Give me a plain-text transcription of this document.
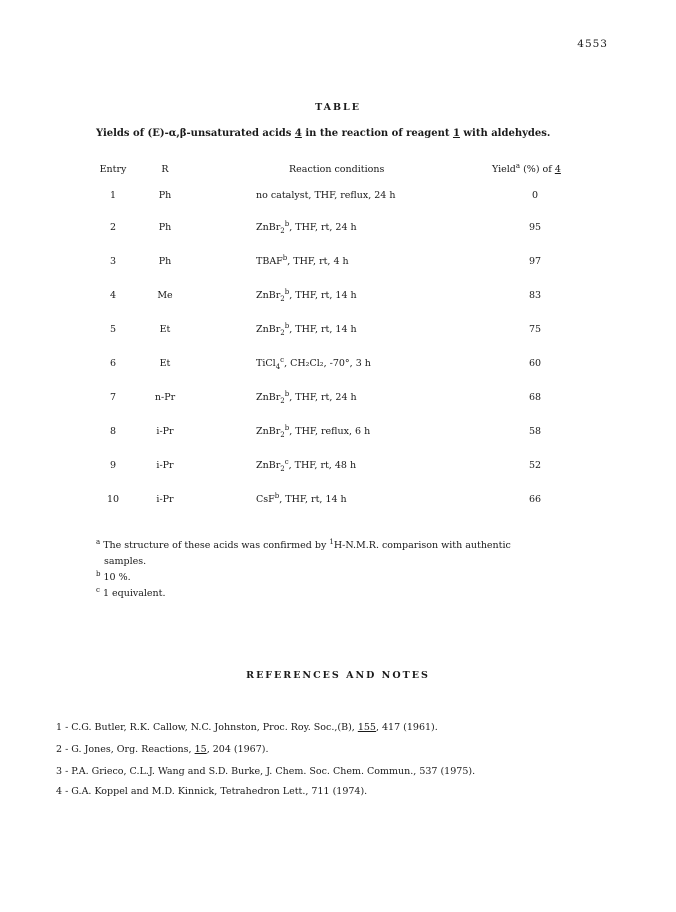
4553
TABLE
Yields of (E)-α,β-unsaturated acids 4 in the reaction of reagent 1 with aldehydes.
Entry	R	Reaction conditions	Yield$^a$ (%) of 4
1	Ph	no catalyst, THF, reflux, 24 h	0
2	Ph	ZnBr$_2^b$, THF, rt, 24 h	95
3	Ph	TBAF$^b$, THF, rt, 4 h	97
4	Me	ZnBr$_2^b$, THF, rt, 14 h	83
5	Et	ZnBr$_2^b$, THF, rt, 14 h	75
6	Et	TiCl$_4^c$, CH₂Cl₂, -70°, 3 h	60
7	n-Pr	ZnBr$_2^b$, THF, rt, 24 h	68
8	i-Pr	ZnBr$_2^b$, THF, reflux, 6 h	58
9	i-Pr	ZnBr$_2^c$, THF, rt, 48 h	52
10	i-Pr	CsF$^b$, THF, rt, 14 h	66
$^a$ The structure of these acids was confirmed by $^1$H-N.M.R. comparison with authentic
samples.
$^b$ 10 %.
$^c$ 1 equivalent.
REFERENCES AND NOTES
1 - C.G. Butler, R.K. Callow, N.C. Johnston, Proc. Roy. Soc.,(B), 155, 417 (1961).
2 - G. Jones, Org. Reactions, 15, 204 (1967).
3 - P.A. Grieco, C.L.J. Wang and S.D. Burke, J. Chem. Soc. Chem. Commun., 537 (1975).
4 - G.A. Koppel and M.D. Kinnick, Tetrahedron Lett., 711 (1974).
